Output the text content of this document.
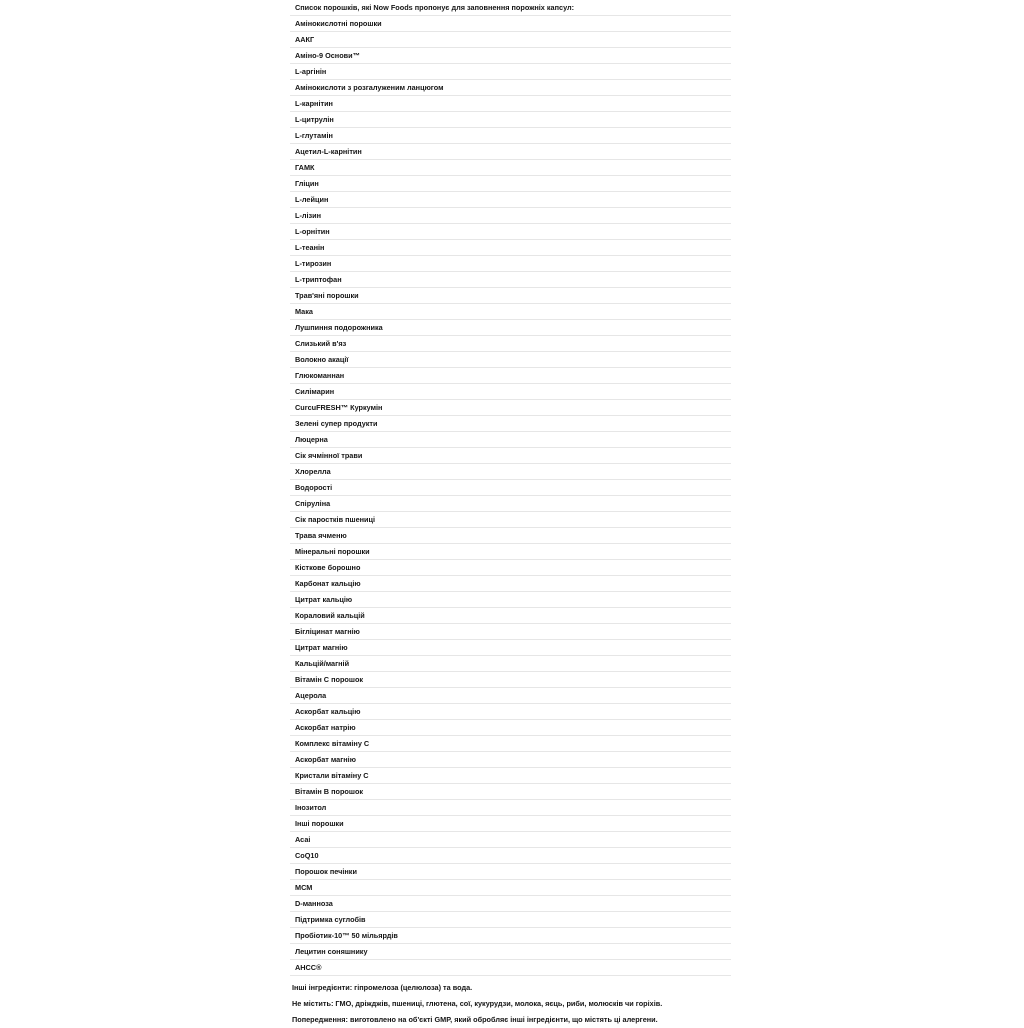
Список порошків, які Now Foods пропонує для заповнення порожніх капсул:
Амінокислотні порошки
ААКГ
Аміно-9 Основи™
L-аргінін
Амінокислоти з розгалуженим ланцюгом
L-карнітин
L-цитрулін
L-глутамін
Ацетил-L-карнітин
ГАМК
Гліцин
L-лейцин
L-лізин
L-орнітин
L-теанін
L-тирозин
L-триптофан
Трав'яні порошки
Мака
Лушпиння подорожника
Слизький в'яз
Волокно акації
Глюкоманнан
Силімарин
CurcuFRESH™ Куркумін
Зелені супер продукти
Люцерна
Сік ячмінної трави
Хлорелла
Водорості
Спіруліна
Сік паростків пшениці
Трава ячменю
Мінеральні порошки
Кісткове борошно
Карбонат кальцію
Цитрат кальцію
Кораловий кальцій
Бігліцинат магнію
Цитрат магнію
Кальцій/магній
Вітамін С порошок
Ацерола
Аскорбат кальцію
Аскорбат натрію
Комплекс вітаміну С
Аскорбат магнію
Кристали вітаміну С
Вітамін В порошок
Інозитол
Інші порошки
Асаі
CoQ10
Порошок печінки
МСМ
D-манноза
Підтримка суглобів
Пробіотик-10™ 50 мільярдів
Лецитин соняшнику
AHCC®
Інші інгредієнти: гіпромелоза (целюлоза) та вода.
Не містить: ГМО, дріжджів, пшениці, глютена, сої, кукурудзи, молока, яєць, риби, молюсків чи горіхів.
Попередження: виготовлено на об'єкті GMP, який обробляє інші інгредієнти, що містять ці алергени.
